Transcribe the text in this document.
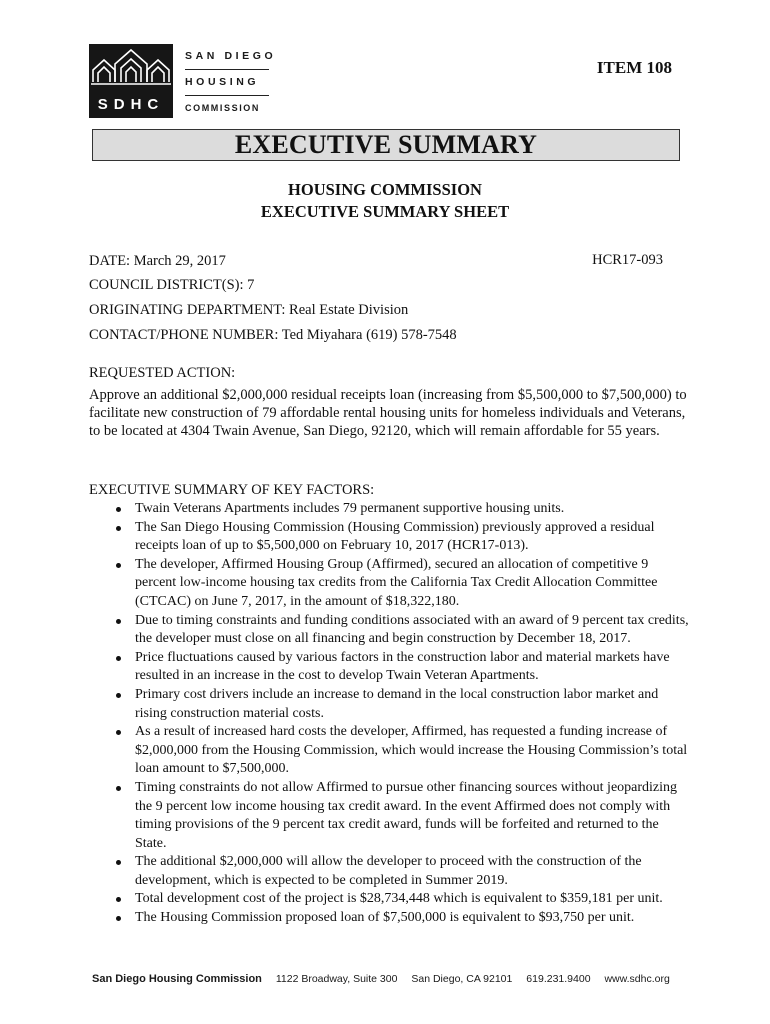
SDHC
SAN DIEGO
HOUSING
COMMISSION
ITEM 108
EXECUTIVE SUMMARY
HOUSING COMMISSION
EXECUTIVE SUMMARY SHEET
DATE: March 29, 2017	HCR17-093
COUNCIL DISTRICT(S): 7
ORIGINATING DEPARTMENT: Real Estate Division
CONTACT/PHONE NUMBER: Ted Miyahara (619) 578-7548
REQUESTED ACTION:
Approve an additional $2,000,000 residual receipts loan (increasing from $5,500,000 to $7,500,000) to facilitate new construction of 79 affordable rental housing units for homeless individuals and Veterans, to be located at 4304 Twain Avenue, San Diego, 92120, which will remain affordable for 55 years.
EXECUTIVE SUMMARY OF KEY FACTORS:
Twain Veterans Apartments includes 79 permanent supportive housing units.
The San Diego Housing Commission (Housing Commission) previously approved a residual receipts loan of up to $5,500,000 on February 10, 2017 (HCR17-013).
The developer, Affirmed Housing Group (Affirmed), secured an allocation of competitive 9 percent low-income housing tax credits from the California Tax Credit Allocation Committee (CTCAC) on June 7, 2017, in the amount of $18,322,180.
Due to timing constraints and funding conditions associated with an award of 9 percent tax credits, the developer must close on all financing and begin construction by December 18, 2017.
Price fluctuations caused by various factors in the construction labor and material markets have resulted in an increase in the cost to develop Twain Veteran Apartments.
Primary cost drivers include an increase to demand in the local construction labor market and rising construction material costs.
As a result of increased hard costs the developer, Affirmed, has requested a funding increase of $2,000,000 from the Housing Commission, which would increase the Housing Commission’s total loan amount to $7,500,000.
Timing constraints do not allow Affirmed to pursue other financing sources without jeopardizing the 9 percent low income housing tax credit award. In the event Affirmed does not comply with timing provisions of the 9 percent tax credit award, funds will be forfeited and returned to the State.
The additional $2,000,000 will allow the developer to proceed with the construction of the development, which is expected to be completed in Summer 2019.
Total development cost of the project is $28,734,448 which is equivalent to $359,181 per unit.
The Housing Commission proposed loan of $7,500,000 is equivalent to $93,750 per unit.
San Diego Housing Commission 1122 Broadway, Suite 300 San Diego, CA 92101 619.231.9400 www.sdhc.org
